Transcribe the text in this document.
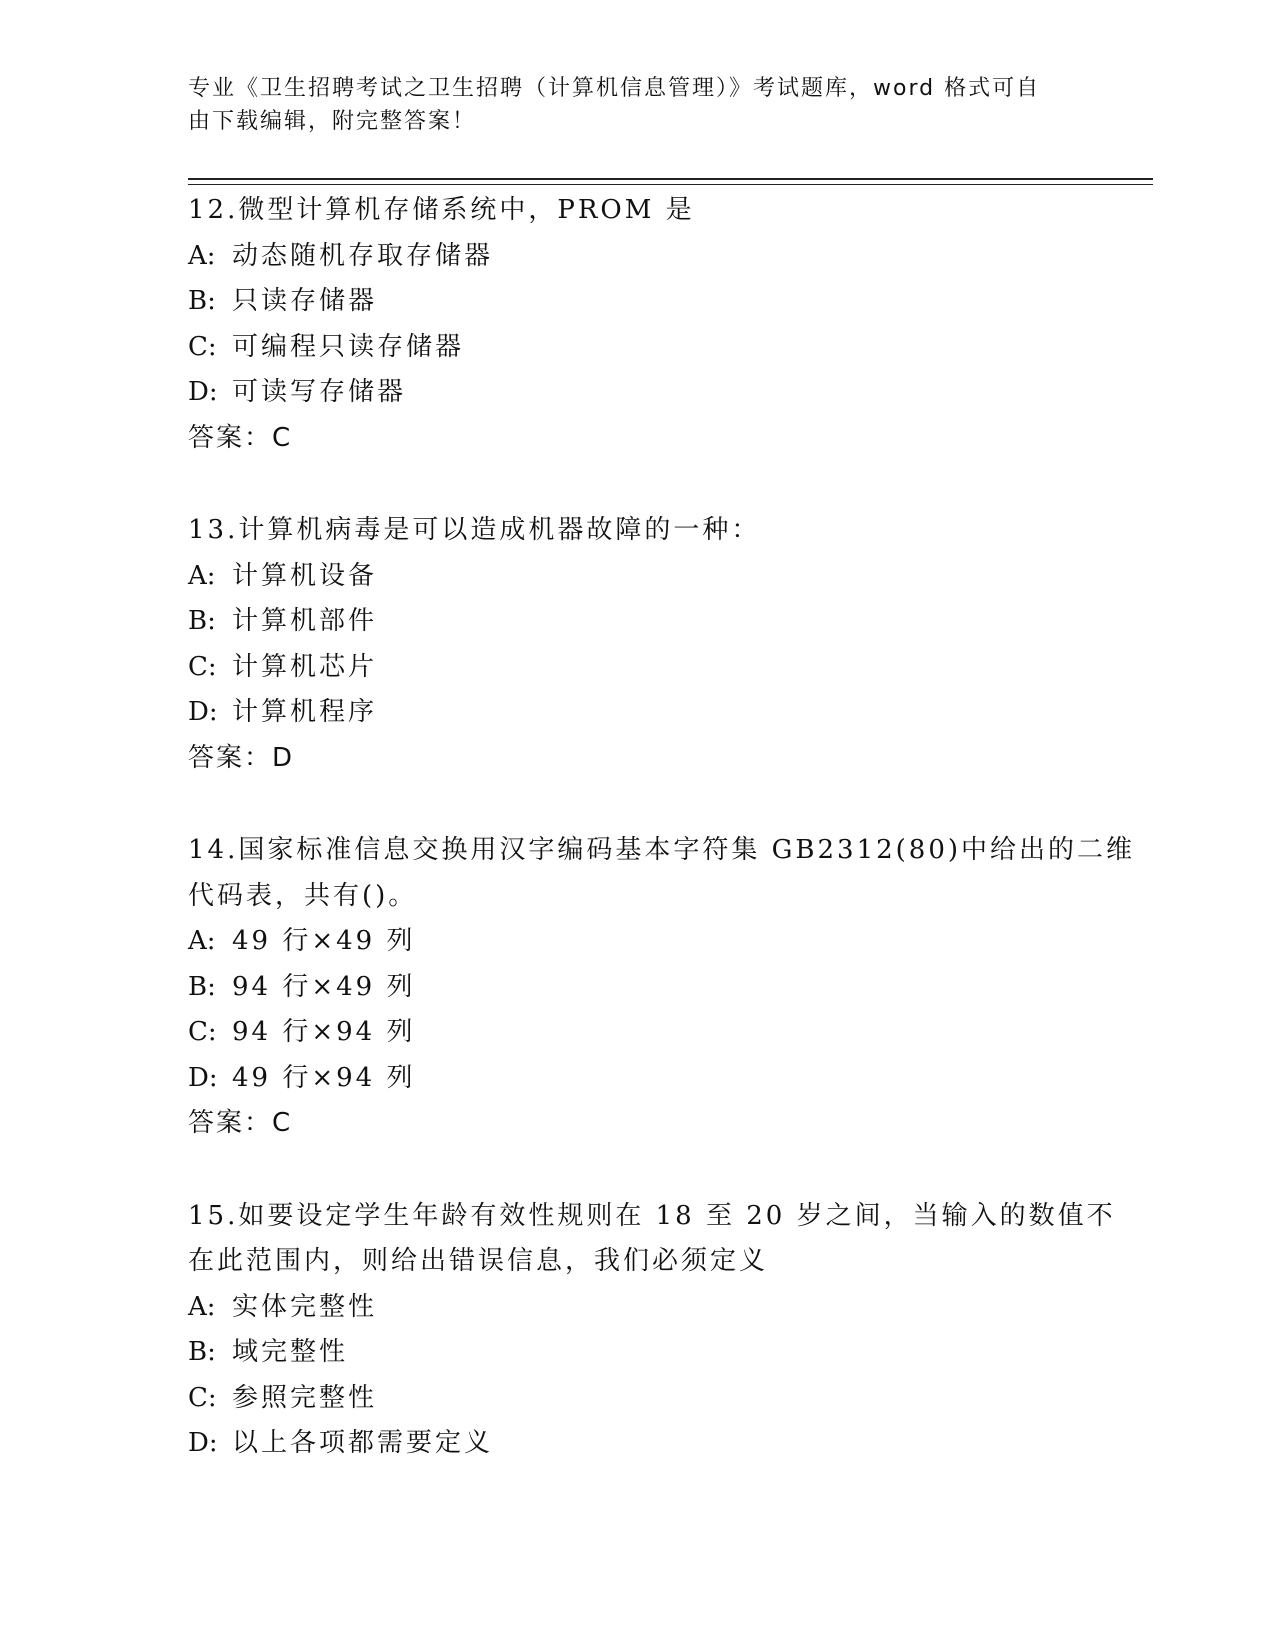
专业《卫生招聘考试之卫生招聘（计算机信息管理）》考试题库，word 格式可自
由下载编辑，附完整答案！
12.微型计算机存储系统中，PROM 是
A: 动态随机存取存储器
B: 只读存储器
C: 可编程只读存储器
D: 可读写存储器
答案：C
13.计算机病毒是可以造成机器故障的一种：
A: 计算机设备
B: 计算机部件
C: 计算机芯片
D: 计算机程序
答案：D
14.国家标准信息交换用汉字编码基本字符集 GB2312(80)中给出的二维
代码表，共有()。
A: 49 行×49 列
B: 94 行×49 列
C: 94 行×94 列
D: 49 行×94 列
答案：C
15.如要设定学生年龄有效性规则在 18 至 20 岁之间，当输入的数值不
在此范围内，则给出错误信息，我们必须定义
A: 实体完整性
B: 域完整性
C: 参照完整性
D: 以上各项都需要定义
